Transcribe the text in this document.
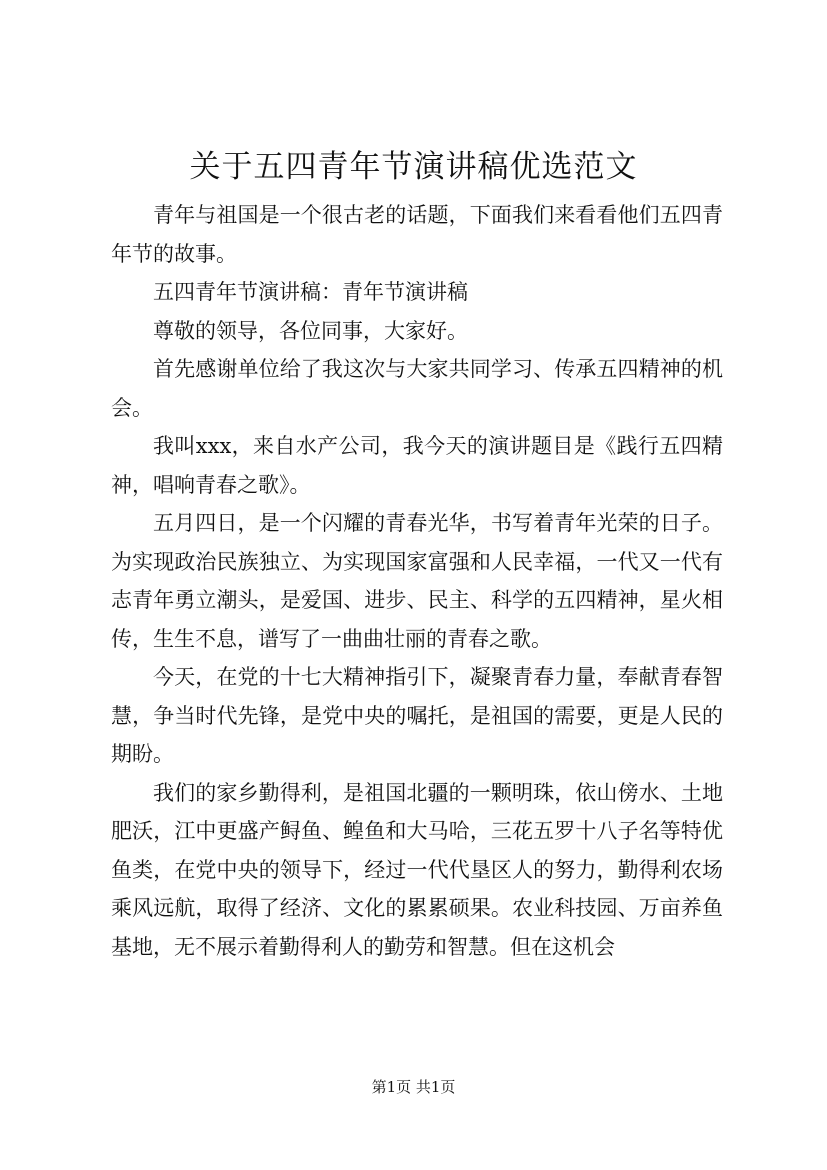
关于五四青年节演讲稿优选范文

青年与祖国是一个很古老的话题，下面我们来看看他们五四青年节的故事。

五四青年节演讲稿：青年节演讲稿

尊敬的领导，各位同事，大家好。

首先感谢单位给了我这次与大家共同学习、传承五四精神的机会。

我叫xxx，来自水产公司，我今天的演讲题目是《践行五四精神，唱响青春之歌》。

五月四日，是一个闪耀的青春光华，书写着青年光荣的日子。为实现政治民族独立、为实现国家富强和人民幸福，一代又一代有志青年勇立潮头，是爱国、进步、民主、科学的五四精神，星火相传，生生不息，谱写了一曲曲壮丽的青春之歌。

今天，在党的十七大精神指引下，凝聚青春力量，奉献青春智慧，争当时代先锋，是党中央的嘱托，是祖国的需要，更是人民的期盼。

我们的家乡勤得利，是祖国北疆的一颗明珠，依山傍水、土地肥沃，江中更盛产鲟鱼、鳇鱼和大马哈，三花五罗十八子名等特优鱼类，在党中央的领导下，经过一代代垦区人的努力，勤得利农场乘风远航，取得了经济、文化的累累硕果。农业科技园、万亩养鱼基地，无不展示着勤得利人的勤劳和智慧。但在这机会

第1页 共1页
